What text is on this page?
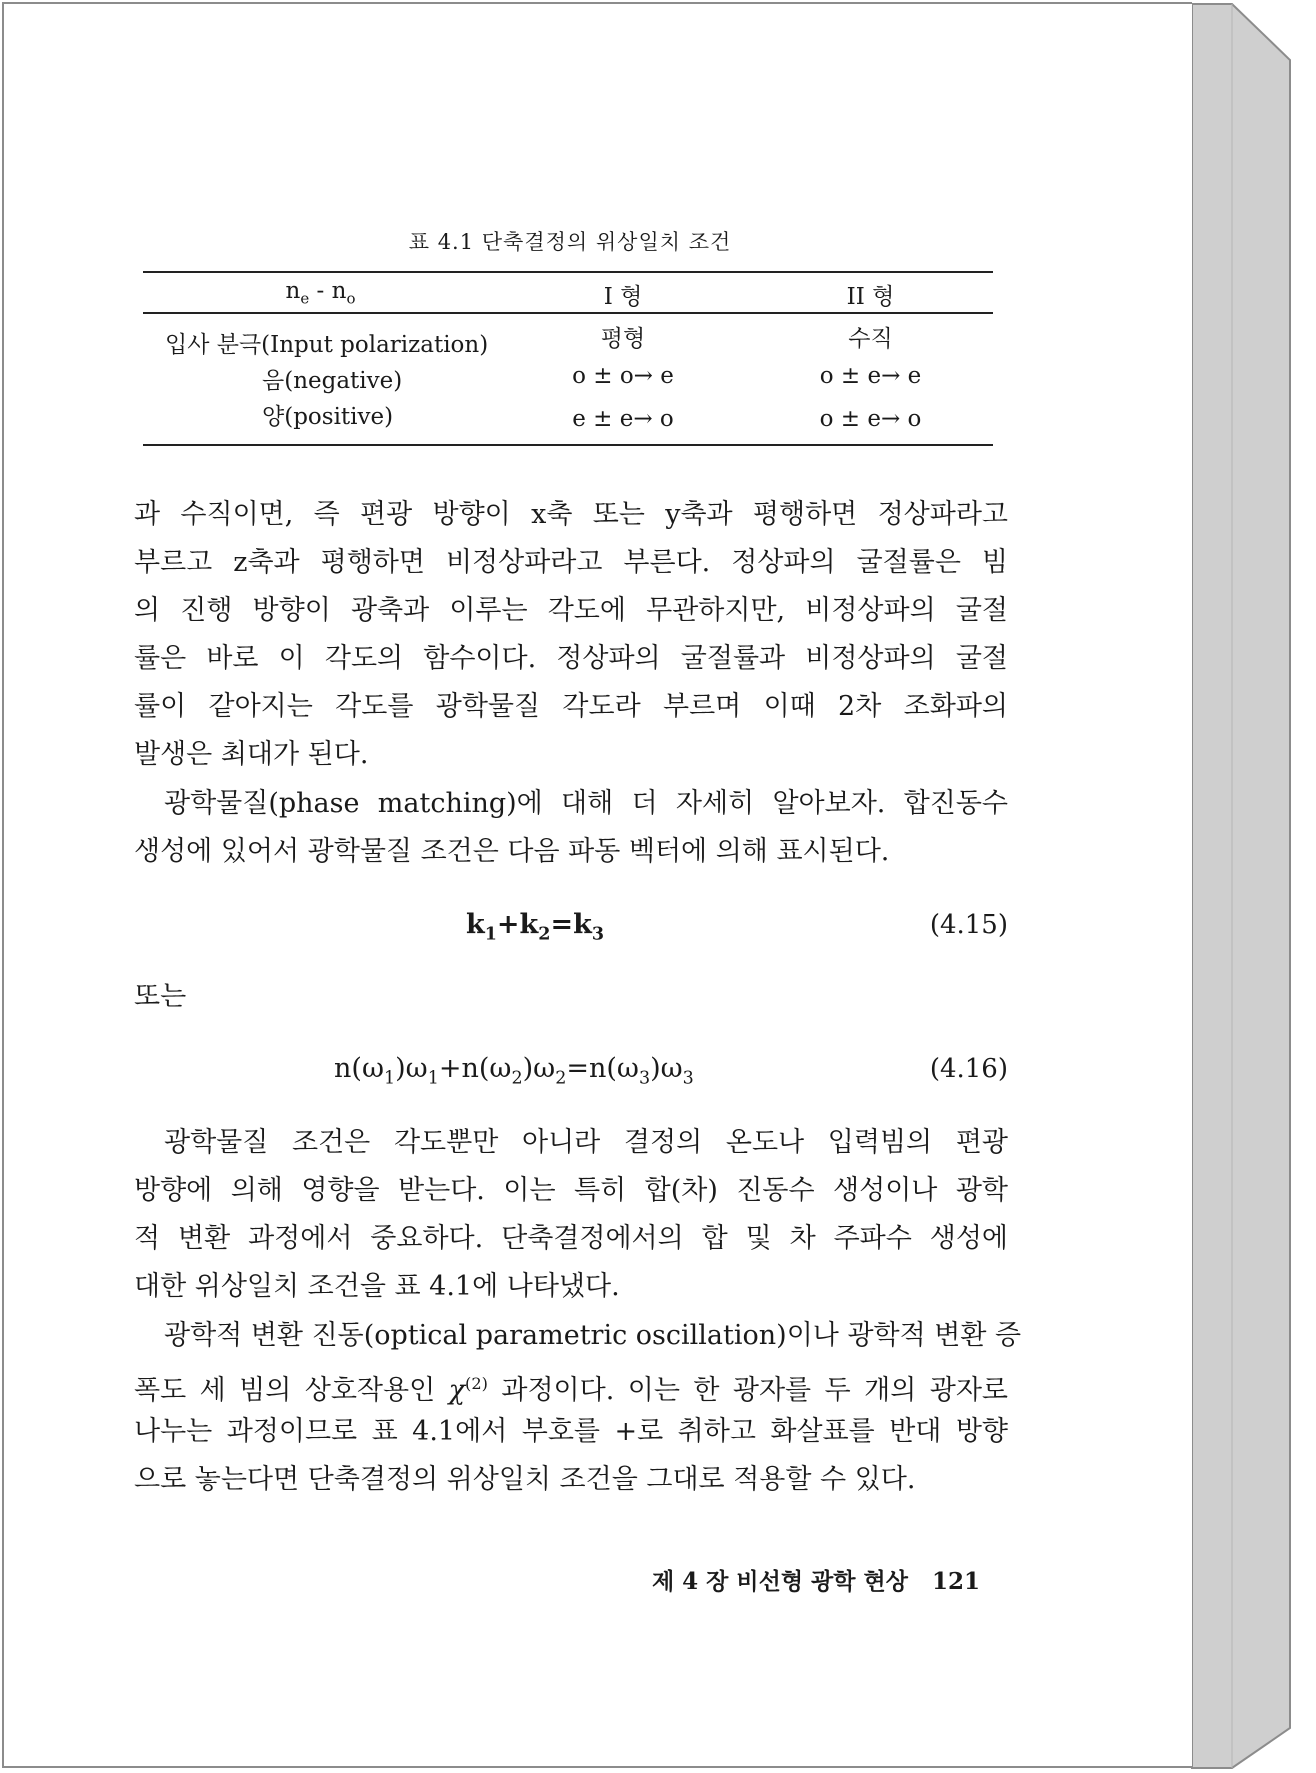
표 4.1 단축결정의 위상일치 조건
$n_e - n_o$	I 형	II 형
입사 분극(Input polarization)	평형	수직
음(negative)	o ± o→ e	o ± e→ e
양(positive)	e ± e→ o	o ± e→ o
과 수직이면, 즉 편광 방향이 x축 또는 y축과 평행하면 정상파라고
부르고 z축과 평행하면 비정상파라고 부른다. 정상파의 굴절률은 빔
의 진행 방향이 광축과 이루는 각도에 무관하지만, 비정상파의 굴절
률은 바로 이 각도의 함수이다. 정상파의 굴절률과 비정상파의 굴절
률이 같아지는 각도를 광학물질 각도라 부르며 이때 2차 조화파의
발생은 최대가 된다.
광학물질(phase matching)에 대해 더 자세히 알아보자. 합진동수
생성에 있어서 광학물질 조건은 다음 파동 벡터에 의해 표시된다.
$k_1+k_2=k_3$	(4.15)
또는
$n(\omega_1)\omega_1+n(\omega_2)\omega_2=n(\omega_3)\omega_3$	(4.16)
광학물질 조건은 각도뿐만 아니라 결정의 온도나 입력빔의 편광
방향에 의해 영향을 받는다. 이는 특히 합(차) 진동수 생성이나 광학
적 변환 과정에서 중요하다. 단축결정에서의 합 및 차 주파수 생성에
대한 위상일치 조건을 표 4.1에 나타냈다.
광학적 변환 진동(optical parametric oscillation)이나 광학적 변환 증
폭도 세 빔의 상호작용인 $\chi^{(2)}$ 과정이다. 이는 한 광자를 두 개의 광자로
나누는 과정이므로 표 4.1에서 부호를 +로 취하고 화살표를 반대 방향
으로 놓는다면 단축결정의 위상일치 조건을 그대로 적용할 수 있다.
제 4 장 비선형 광학 현상 121
